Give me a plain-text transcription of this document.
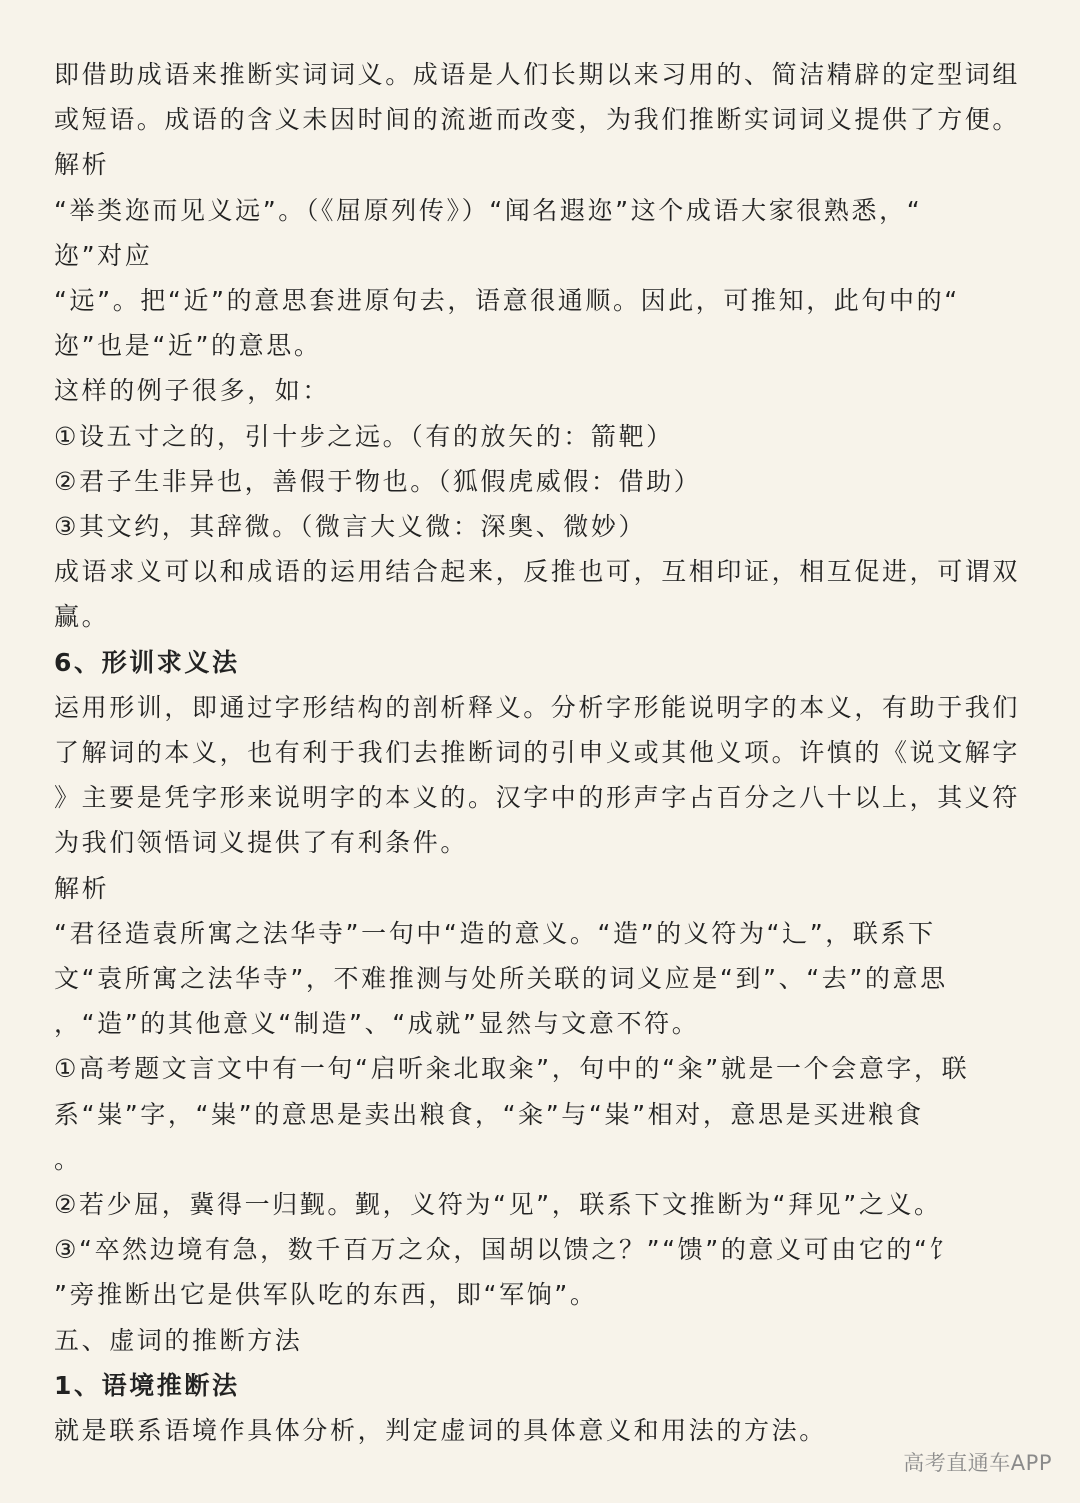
即借助成语来推断实词词义。成语是人们长期以来习用的、简洁精辟的定型词组

或短语。成语的含义未因时间的流逝而改变，为我们推断实词词义提供了方便。

解析

“举类迩而见义远”。（《屈原列传》）“闻名遐迩”这个成语大家很熟悉，“

迩”对应

“远”。把“近”的意思套进原句去，语意很通顺。因此，可推知，此句中的“

迩”也是“近”的意思。

这样的例子很多，如：

①设五寸之的，引十步之远。（有的放矢的：箭靶）

②君子生非异也，善假于物也。（狐假虎威假：借助）

③其文约，其辞微。（微言大义微：深奥、微妙）

成语求义可以和成语的运用结合起来，反推也可，互相印证，相互促进，可谓双

赢。

6、形训求义法

运用形训，即通过字形结构的剖析释义。分析字形能说明字的本义，有助于我们

了解词的本义，也有利于我们去推断词的引申义或其他义项。许慎的《说文解字

》主要是凭字形来说明字的本义的。汉字中的形声字占百分之八十以上，其义符

为我们领悟词义提供了有利条件。

解析

“君径造袁所寓之法华寺”一句中“造的意义。“造”的义符为“辶”，联系下

文“袁所寓之法华寺”，不难推测与处所关联的词义应是“到”、“去”的意思

，“造”的其他意义“制造”、“成就”显然与文意不符。

①高考题文言文中有一句“启听籴北取籴”，句中的“籴”就是一个会意字，联

系“粜”字，“粜”的意思是卖出粮食，“籴”与“粜”相对，意思是买进粮食

。

②若少屈，冀得一归觐。觐，义符为“见”，联系下文推断为“拜见”之义。

③“卒然边境有急，数千百万之众，国胡以馈之？”“馈”的意义可由它的“饣

”旁推断出它是供军队吃的东西，即“军饷”。

五、虚词的推断方法

1、语境推断法

就是联系语境作具体分析，判定虚词的具体意义和用法的方法。

高考直通车APP
